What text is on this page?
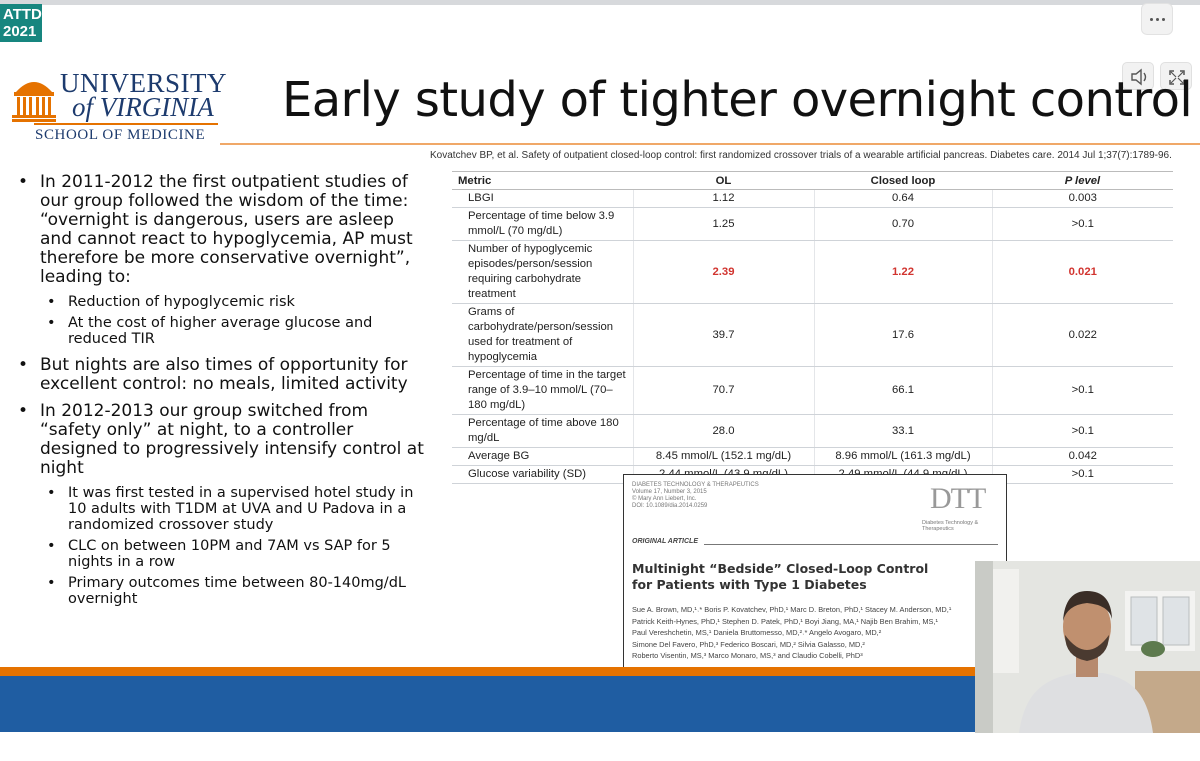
ATTD
2021
UNIVERSITY
of VIRGINIA
SCHOOL OF MEDICINE
Early study of tighter overnight control
Kovatchev BP, et al. Safety of outpatient closed-loop control: first randomized crossover trials of a wearable artificial pancreas. Diabetes care. 2014 Jul 1;37(7):1789-96.
• In 2011-2012 the first outpatient studies of our group followed the wisdom of the time: “overnight is dangerous, users are asleep and cannot react to hypoglycemia, AP must therefore be more conservative overnight”, leading to:
• Reduction of hypoglycemic risk
• At the cost of higher average glucose and reduced TIR
• But nights are also times of opportunity for excellent control: no meals, limited activity
• In 2012-2013 our group switched from “safety only” at night, to a controller designed to progressively intensify control at night
• It was first tested in a supervised hotel study in 10 adults with T1DM at UVA and U Padova in a randomized crossover study
• CLC on between 10PM and 7AM vs SAP for 5 nights in a row
• Primary outcomes time between 80-140mg/dL overnight
Metric	OL	Closed loop	P level
LBGI	1.12	0.64	0.003
Percentage of time below 3.9 mmol/L (70 mg/dL)	1.25	0.70	>0.1
Number of hypoglycemic episodes/person/session requiring carbohydrate treatment	2.39	1.22	0.021
Grams of carbohydrate/person/session used for treatment of hypoglycemia	39.7	17.6	0.022
Percentage of time in the target range of 3.9–10 mmol/L (70–180 mg/dL)	70.7	66.1	>0.1
Percentage of time above 180 mg/dL	28.0	33.1	>0.1
Average BG	8.45 mmol/L (152.1 mg/dL)	8.96 mmol/L (161.3 mg/dL)	0.042
Glucose variability (SD)			>0.1
DIABETES TECHNOLOGY & THERAPEUTICS
Volume 17, Number 3, 2015
© Mary Ann Liebert, Inc.
DOI: 10.1089/dia.2014.0259	DTT
Diabetes Technology & Therapeutics
ORIGINAL ARTICLE
Multinight “Bedside” Closed-Loop Control
for Patients with Type 1 Diabetes
Sue A. Brown, MD,¹˒* Boris P. Kovatchev, PhD,¹ Marc D. Breton, PhD,¹ Stacey M. Anderson, MD,¹
Patrick Keith-Hynes, PhD,¹ Stephen D. Patek, PhD,¹ Boyi Jiang, MA,¹ Najib Ben Brahim, MS,¹
Paul Vereshchetin, MS,¹ Daniela Bruttomesso, MD,²˒* Angelo Avogaro, MD,²
Simone Del Favero, PhD,³ Federico Boscari, MD,² Silvia Galasso, MD,²
Roberto Visentin, MS,³ Marco Monaro, MS,³ and Claudio Cobelli, PhD³
